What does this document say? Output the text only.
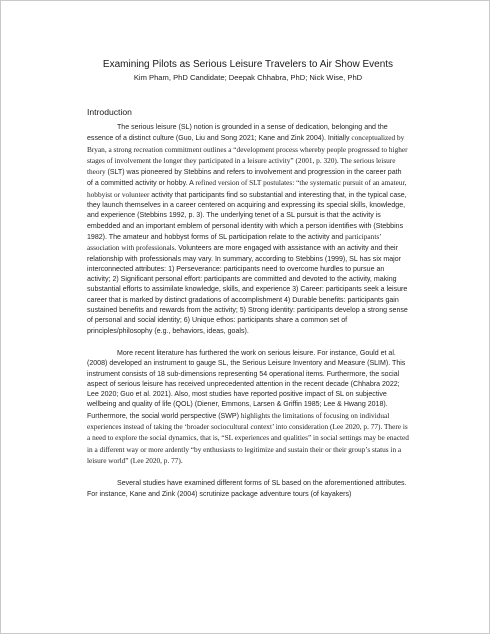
Examining Pilots as Serious Leisure Travelers to Air Show Events
Kim Pham, PhD Candidate; Deepak Chhabra, PhD; Nick Wise, PhD
Introduction

The serious leisure (SL) notion is grounded in a sense of dedication, belonging and the essence of a distinct culture (Guo, Liu and Song 2021; Kane and Zink 2004). Initially conceptualized by Bryan, a strong recreation commitment outlines a “development process whereby people progressed to higher stages of involvement the longer they participated in a leisure activity” (2001, p. 320). The serious leisure theory (SLT) was pioneered by Stebbins and refers to involvement and progression in the career path of a committed activity or hobby. A refined version of SLT postulates: “the systematic pursuit of an amateur, hobbyist or volunteer activity that participants find so substantial and interesting that, in the typical case, they launch themselves in a career centered on acquiring and expressing its special skills, knowledge, and experience (Stebbins 1992, p. 3). The underlying tenet of a SL pursuit is that the activity is embedded and an important emblem of personal identity with which a person identifies with (Stebbins 1982). The amateur and hobbyst forms of SL participation relate to the activity and participants’ association with professionals. Volunteers are more engaged with assistance with an activity and their relationship with professionals may vary. In summary, according to Stebbins (1999), SL has six major interconnected attributes: 1) Perseverance: participants need to overcome hurdles to pursue an activity; 2) Significant personal effort: participants are committed and devoted to the activity, making substantial efforts to assimilate knowledge, skills, and experience 3) Career: participants seek a leisure career that is marked by distinct gradations of accomplishment 4) Durable benefits: participants gain sustained benefits and rewards from the activity; 5) Strong identity: participants develop a strong sense of personal and social identity; 6) Unique ethos: participants share a common set of principles/philosophy (e.g., behaviors, ideas, goals).

More recent literature has furthered the work on serious leisure. For instance, Gould et al. (2008) developed an instrument to gauge SL, the Serious Leisure Inventory and Measure (SLIM). This instrument consists of 18 sub-dimensions representing 54 operational items. Furthermore, the social aspect of serious leisure has received unprecedented attention in the recent decade (Chhabra 2022; Lee 2020; Guo et al. 2021). Also, most studies have reported positive impact of SL on subjective wellbeing and quality of life (QOL) (Diener, Emmons, Larsen & Griffin 1985; Lee & Hwang 2018). Furthermore, the social world perspective (SWP) highlights the limitations of focusing on individual experiences instead of taking the ‘broader sociocultural context’ into consideration (Lee 2020, p. 77). There is a need to explore the social dynamics, that is, “SL experiences and qualities” in social settings may be enacted in a different way or more ardently “by enthusiasts to legitimize and sustain their or their group’s status in a leisure world” (Lee 2020, p. 77).

Several studies have examined different forms of SL based on the aforementioned attributes. For instance, Kane and Zink (2004) scrutinize package adventure tours (of kayakers)
